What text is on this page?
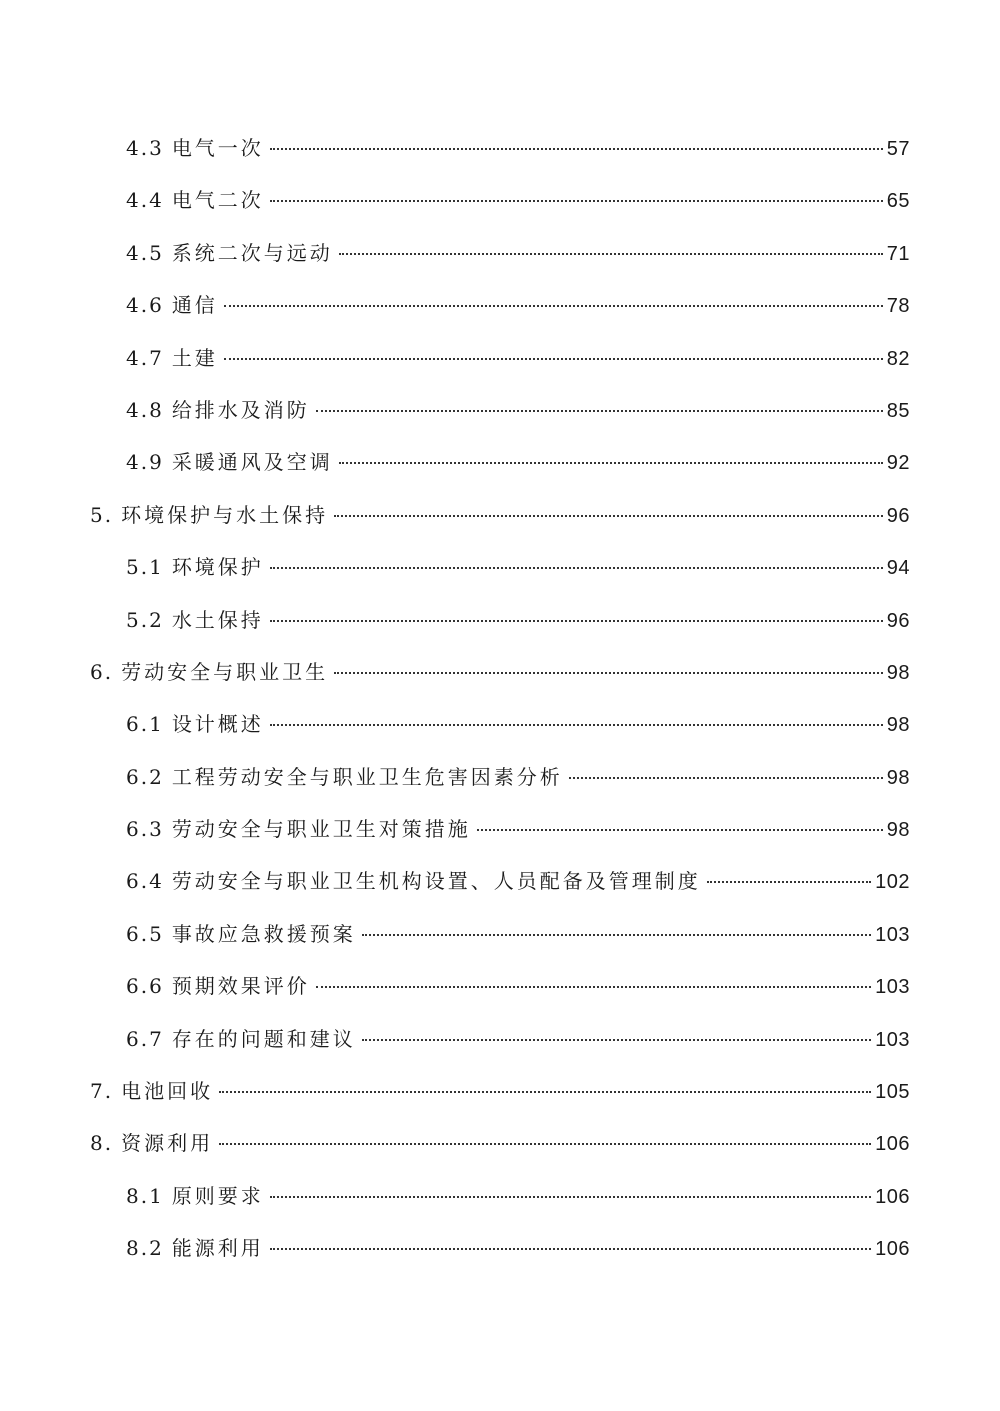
4.3 电气一次	57
4.4 电气二次	65
4.5 系统二次与远动	71
4.6 通信	78
4.7 土建	82
4.8 给排水及消防	85
4.9 采暖通风及空调	92
5. 环境保护与水土保持	96
5.1 环境保护	94
5.2 水土保持	96
6. 劳动安全与职业卫生	98
6.1 设计概述	98
6.2 工程劳动安全与职业卫生危害因素分析	98
6.3 劳动安全与职业卫生对策措施	98
6.4 劳动安全与职业卫生机构设置、人员配备及管理制度	102
6.5 事故应急救援预案	103
6.6 预期效果评价	103
6.7 存在的问题和建议	103
7. 电池回收	105
8. 资源利用	106
8.1 原则要求	106
8.2 能源利用	106
